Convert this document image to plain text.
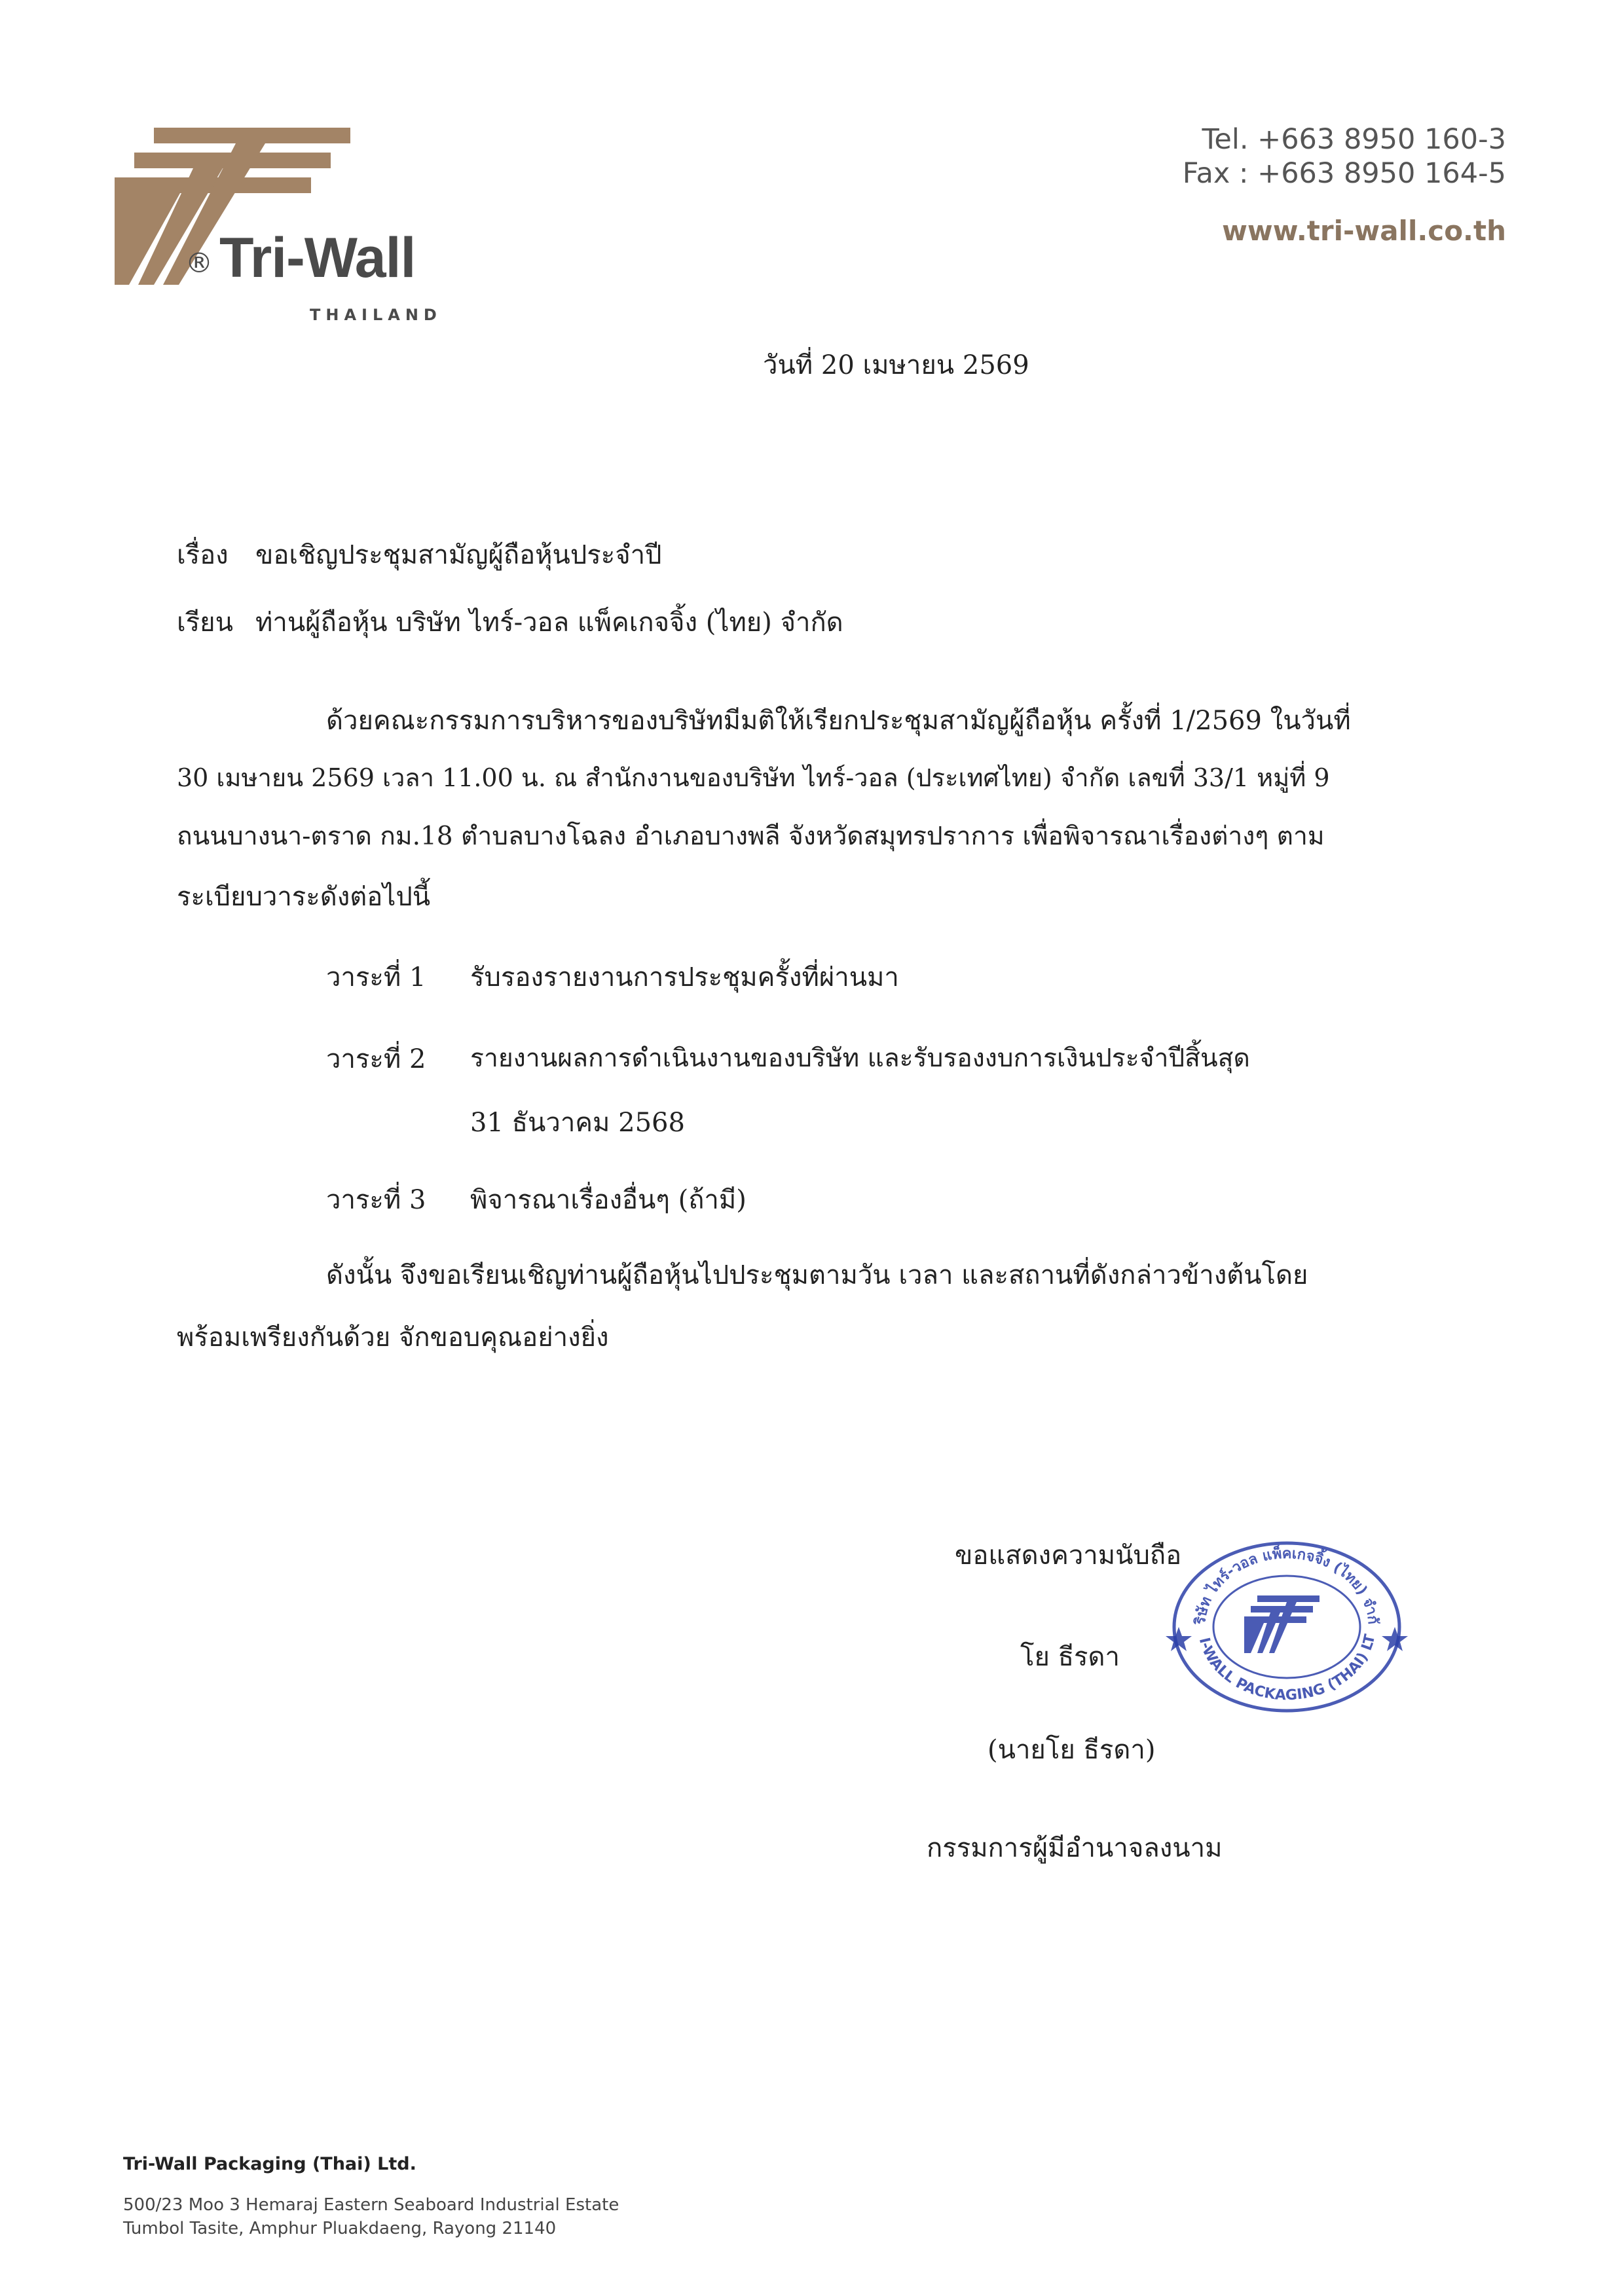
® Tri-Wall
THAILAND
Tel. +663 8950 160-3
Fax : +663 8950 164-5
www.tri-wall.co.th
วันที่ 20 เมษายน 2569
เรื่อง ขอเชิญประชุมสามัญผู้ถือหุ้นประจำปี
เรียน ท่านผู้ถือหุ้น บริษัท ไทร์-วอล แพ็คเกจจิ้ง (ไทย) จำกัด
ด้วยคณะกรรมการบริหารของบริษัทมีมติให้เรียกประชุมสามัญผู้ถือหุ้น ครั้งที่ 1/2569 ในวันที่
30 เมษายน 2569 เวลา 11.00 น. ณ สำนักงานของบริษัท ไทร์-วอล (ประเทศไทย) จำกัด เลขที่ 33/1 หมู่ที่ 9
ถนนบางนา-ตราด กม.18 ตำบลบางโฉลง อำเภอบางพลี จังหวัดสมุทรปราการ เพื่อพิจารณาเรื่องต่างๆ ตาม
ระเบียบวาระดังต่อไปนี้
วาระที่ 1 รับรองรายงานการประชุมครั้งที่ผ่านมา
วาระที่ 2 รายงานผลการดำเนินงานของบริษัท และรับรองงบการเงินประจำปีสิ้นสุด
31 ธันวาคม 2568
วาระที่ 3 พิจารณาเรื่องอื่นๆ (ถ้ามี)
ดังนั้น จึงขอเรียนเชิญท่านผู้ถือหุ้นไปประชุมตามวัน เวลา และสถานที่ดังกล่าวข้างต้นโดย
พร้อมเพรียงกันด้วย จักขอบคุณอย่างยิ่ง
ขอแสดงความนับถือ
โย ธีรดา
(นายโย ธีรดา)
กรรมการผู้มีอำนาจลงนาม
ริษัท ไทร์-วอล แพ็คเกจจิ้ง (ไทย) จำกั
I-WALL PACKAGING (THAI) LT
Tri-Wall Packaging (Thai) Ltd.
500/23 Moo 3 Hemaraj Eastern Seaboard Industrial Estate
Tumbol Tasite, Amphur Pluakdaeng, Rayong 21140
